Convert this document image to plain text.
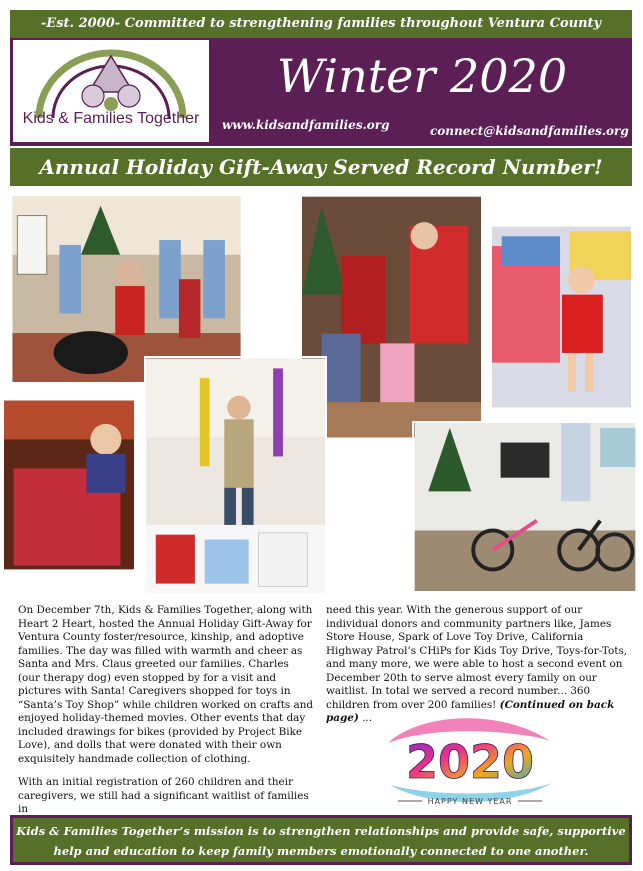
-Est. 2000- Committed to strengthening families throughout Ventura County
Kids & Families Together
Winter 2020
www.kidsandfamilies.org	connect@kidsandfamilies.org
Annual Holiday Gift-Away Served Record Number!

On December 7th, Kids & Families Together, along with Heart 2 Heart, hosted the Annual Holiday Gift-Away for Ventura County foster/resource, kinship, and adoptive families. The day was filled with warmth and cheer as Santa and Mrs. Claus greeted our families. Charles (our therapy dog) even stopped by for a visit and pictures with Santa! Caregivers shopped for toys in “Santa’s Toy Shop” while children worked on crafts and enjoyed holiday-themed movies. Other events that day included drawings for bikes (provided by Project Bike Love), and dolls that were donated with their own exquisitely handmade collection of clothing.

With an initial registration of 260 children and their caregivers, we still had a significant waitlist of families in

need this year. With the generous support of our individual donors and community partners like, James Store House, Spark of Love Toy Drive, California Highway Patrol’s CHiPs for Kids Toy Drive, Toys-for-Tots, and many more, we were able to host a second event on December 20th to serve almost every family on our waitlist. In total we served a record number... 360 children from over 200 families! (Continued on back page) ...

2020
HAPPY NEW YEAR
Kids & Families Together’s mission is to strengthen relationships and provide safe, supportive help and education to keep family members emotionally connected to one another.
